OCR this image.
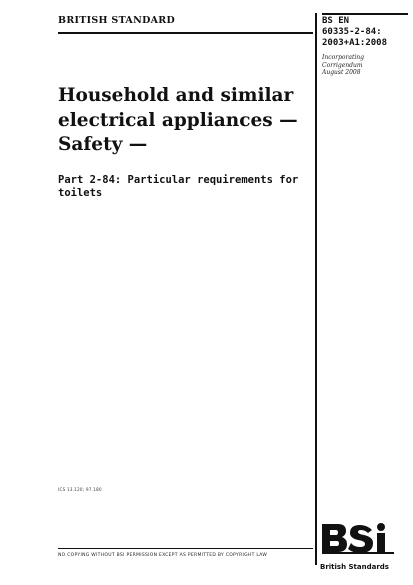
BRITISH STANDARD	BS EN
60335-2-84:
2003+A1:2008
Incorporating
Corrigendum
August 2008
Household and similar
electrical appliances —
Safety —
Part 2-84: Particular requirements for
toilets
ICS 13.120; 97.180
NO COPYING WITHOUT BSI PERMISSION EXCEPT AS PERMITTED BY COPYRIGHT LAW
British Standards
